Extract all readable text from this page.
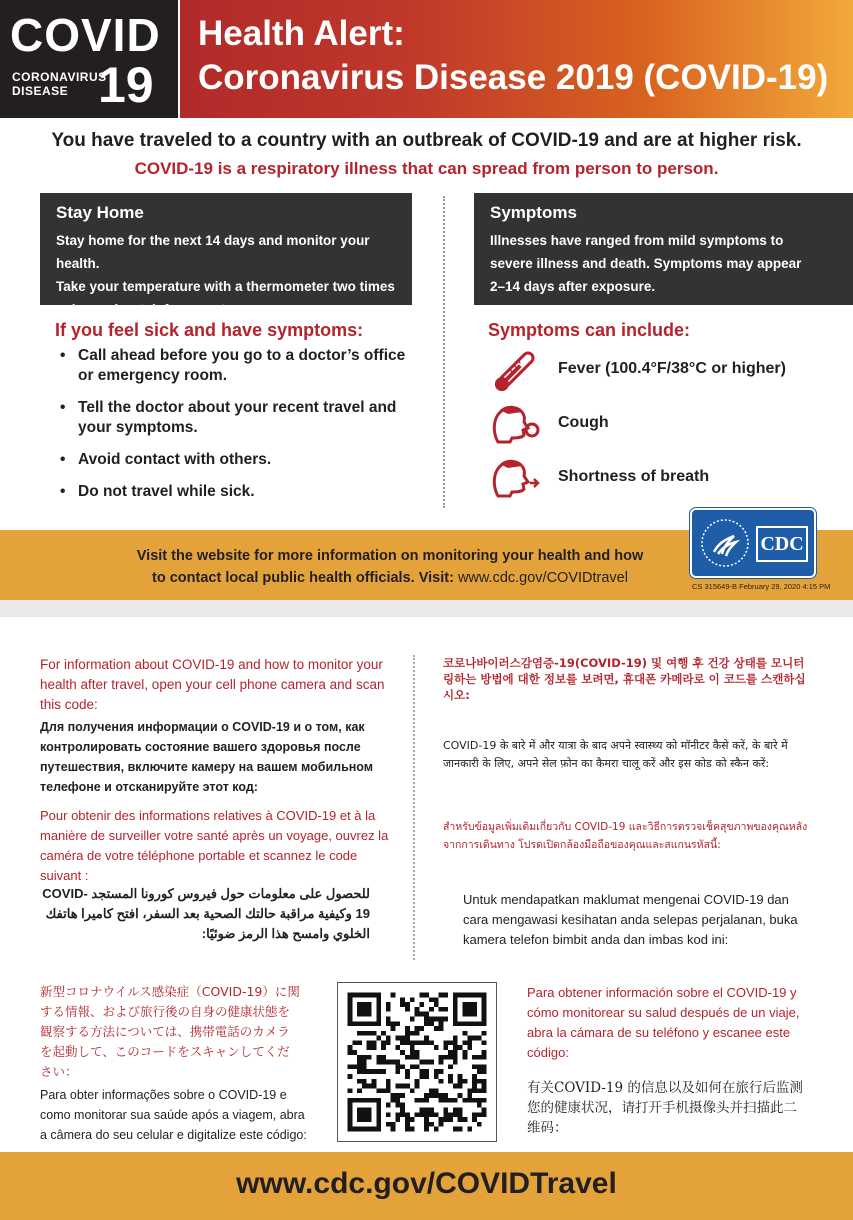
COVID
CORONAVIRUS
DISEASE 19
Health Alert:
Coronavirus Disease 2019 (COVID-19)
You have traveled to a country with an outbreak of COVID-19 and are at higher risk.
COVID-19 is a respiratory illness that can spread from person to person.
Stay Home
Stay home for the next 14 days and monitor your health.
Take your temperature with a thermometer two times
a day and watch for symptoms.
Symptoms
Illnesses have ranged from mild symptoms to
severe illness and death. Symptoms may appear
2–14 days after exposure.
If you feel sick and have symptoms:
• Call ahead before you go to a doctor’s office or emergency room.
• Tell the doctor about your recent travel and your symptoms.
• Avoid contact with others.
• Do not travel while sick.
Symptoms can include:
Fever (100.4°F/38°C or higher)
Cough
Shortness of breath
Visit the website for more information on monitoring your health and how
to contact local public health officials. Visit: www.cdc.gov/COVIDtravel
CDC
CS 315649-B February 29, 2020 4:15 PM
For information about COVID-19 and how to monitor your health after travel, open your cell phone camera and scan this code:
Для получения информации о COVID-19 и о том, как контролировать состояние вашего здоровья после путешествия, включите камеру на вашем мобильном телефоне и отсканируйте этот код:
Pour obtenir des informations relatives à COVID-19 et à la manière de surveiller votre santé après un voyage, ouvrez la caméra de votre téléphone portable et scannez le code suivant :
للحصول على معلومات حول فيروس كورونا المستجد COVID-19 وكيفية مراقبة حالتك الصحية بعد السفر، افتح كاميرا هاتفك الخلوي وامسح هذا الرمز ضوئيًا:
新型コロナウイルス感染症（COVID-19）に関する情報、および旅行後の自身の健康状態を観察する方法については、携帯電話のカメラを起動して、このコードをスキャンしてください：
Para obter informações sobre o COVID-19 e como monitorar sua saúde após a viagem, abra a câmera do seu celular e digitalize este código:
코로나바이러스감염증-19(COVID-19) 및 여행 후 건강 상태를 모니터링하는 방법에 대한 정보를 보려면, 휴대폰 카메라로 이 코드를 스캔하십시오:
COVID-19 के बारे में और यात्रा के बाद अपने स्वास्थ्य को मॉनीटर कैसे करें, के बारे में जानकारी के लिए, अपने सेल फ़ोन का कैमरा चालू करें और इस कोड को स्कैन करें:
สำหรับข้อมูลเพิ่มเติมเกี่ยวกับ COVID-19 และวิธีการตรวจเช็คสุขภาพของคุณหลังจากการเดินทาง โปรดเปิดกล้องมือถือของคุณและสแกนรหัสนี้:
Untuk mendapatkan maklumat mengenai COVID-19 dan cara mengawasi kesihatan anda selepas perjalanan, buka kamera telefon bimbit anda dan imbas kod ini:
Para obtener información sobre el COVID-19 y cómo monitorear su salud después de un viaje, abra la cámara de su teléfono y escanee este código:
有关COVID-19 的信息以及如何在旅行后监测您的健康状况，请打开手机摄像头并扫描此二维码：
www.cdc.gov/COVIDTravel
